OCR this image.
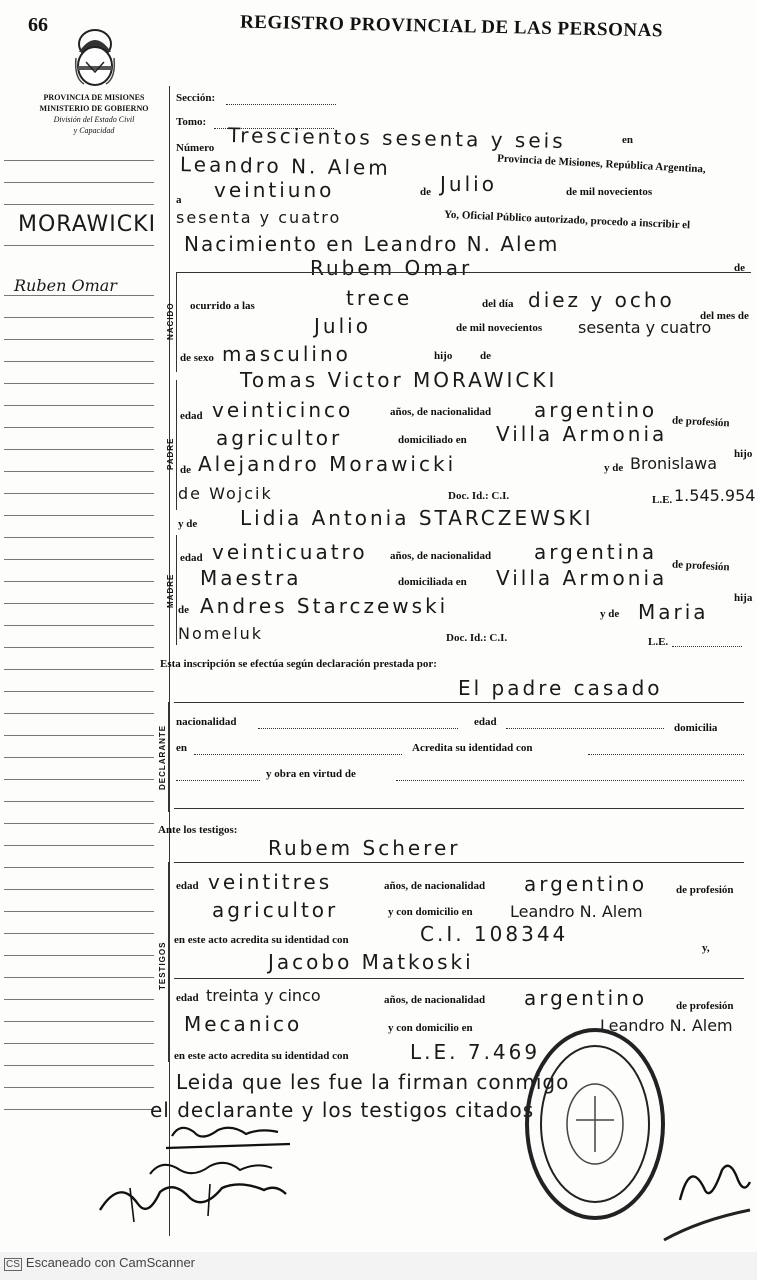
66	REGISTRO PROVINCIAL DE LAS PERSONAS
PROVINCIA DE MISIONES
MINISTERIO DE GOBIERNO
División del Estado Civil
y Capacidad
MORAWICKI
Ruben Omar
Sección:
Tomo:
Número Trescientos sesenta y seis	en
Leandro N. Alem	Provincia de Misiones, República Argentina,
a veintiuno	de Julio	de mil novecientos
sesenta y cuatro	Yo, Oficial Público autorizado, procedo a inscribir el
Nacimiento en Leandro N. Alem
Rubem Omar	de
NACIDO ocurrido a las	trece	del día diez y ocho
del mes de
Julio	de mil novecientos sesenta y cuatro
de sexo masculino	hijo	de
Tomas Victor MORAWICKI
PADRE
edad veinticinco	años, de nacionalidad argentino de profesión
agricultor	domiciliado en Villa Armonia
hijo
de Alejandro Morawicki	y de Bronislawa
de Wojcik	Doc. Id.: C.I.	L.E. 1.545.954
y de Lidia Antonia STARCZEWSKI
MADRE
edad veinticuatro años, de nacionalidad argentina
de profesión
Maestra	domiciliada en Villa Armonia
hija
de Andres Starczewski	y de Maria
Nomeluk	Doc. Id.: C.I.	L.E.
Esta inscripción se efectúa según declaración prestada por:
El padre casado
DECLARANTE
nacionalidad	edad	domicilia
en	Acredita su identidad con
y obra en virtud de
Ante los testigos:
Rubem Scherer
TESTIGOS
edad veintitres	años, de nacionalidad argentino	de profesión
agricultor	y con domicilio en Leandro N. Alem
en este acto acredita su identidad con	C.I. 108344
y,
Jacobo Matkoski
edad treinta y cinco	años, de nacionalidad argentino	de profesión
Mecanico	y con domicilio en	Leandro N. Alem
en este acto acredita su identidad con	L.E. 7.469
Leida que les fue la firman conmigo
el declarante y los testigos citados
CS Escaneado con CamScanner
